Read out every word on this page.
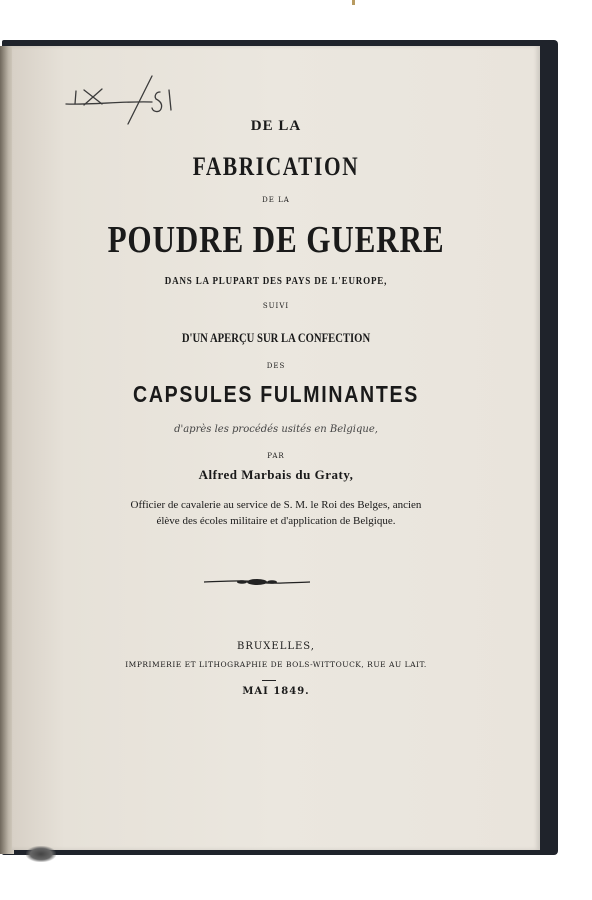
DE LA
FABRICATION
DE LA
POUDRE DE GUERRE
DANS LA PLUPART DES PAYS DE L'EUROPE,
SUIVI
D'UN APERÇU SUR LA CONFECTION
DES
CAPSULES FULMINANTES
d'après les procédés usités en Belgique,
PAR
Alfred Marbais du Graty,
Officier de cavalerie au service de S. M. le Roi des Belges, ancien
élève des écoles militaire et d'application de Belgique.
BRUXELLES,
IMPRIMERIE ET LITHOGRAPHIE DE BOLS-WITTOUCK, RUE AU LAIT.
MAI 1849.
